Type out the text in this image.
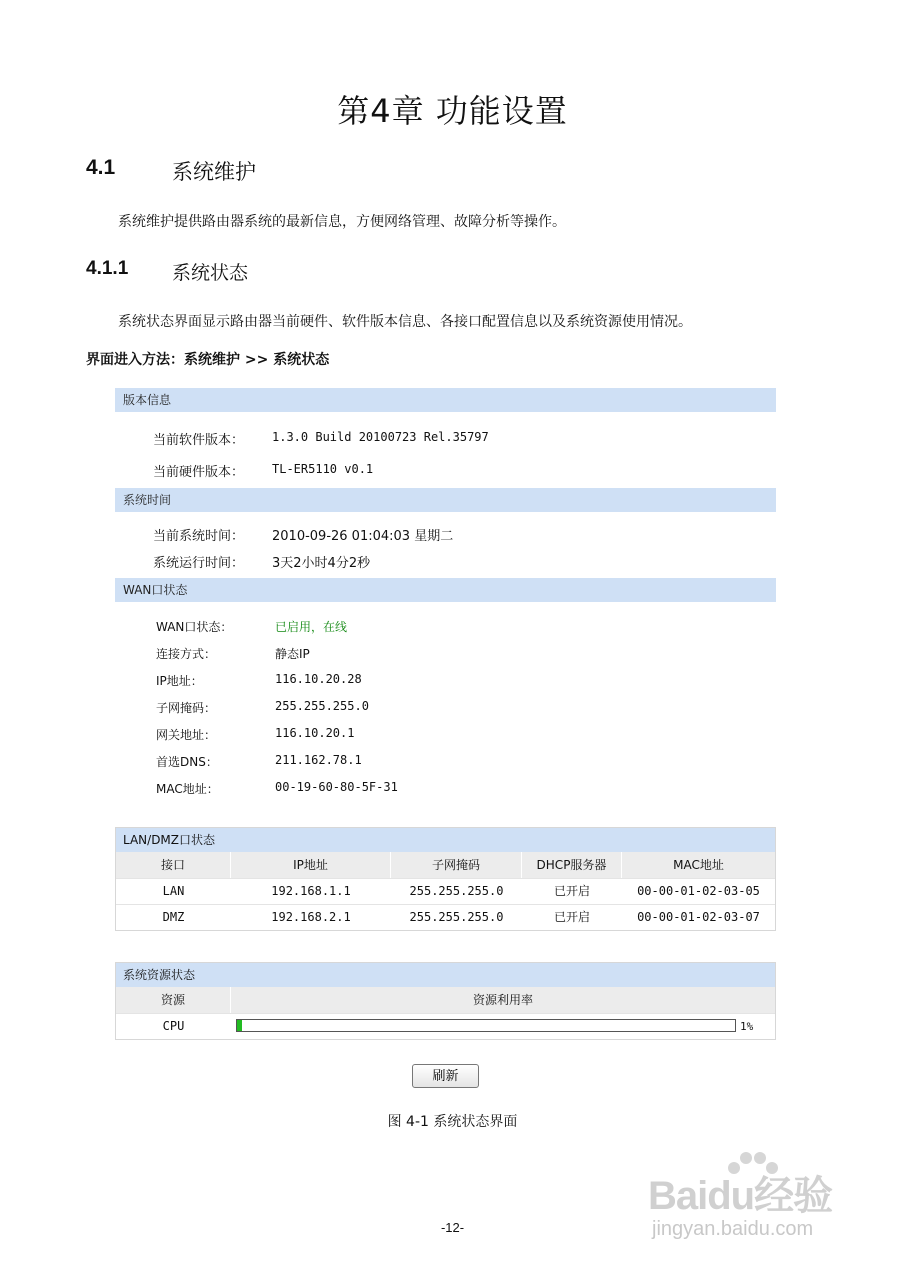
第4章 功能设置
4.1	系统维护
系统维护提供路由器系统的最新信息，方便网络管理、故障分析等操作。
4.1.1 系统状态
系统状态界面显示路由器当前硬件、软件版本信息、各接口配置信息以及系统资源使用情况。
界面进入方法：系统维护 >> 系统状态
版本信息
当前软件版本： 1.3.0 Build 20100723 Rel.35797
当前硬件版本： TL-ER5110 v0.1
系统时间
当前系统时间： 2010-09-26 01:04:03 星期二
系统运行时间： 3天2小时4分2秒
WAN口状态
WAN口状态：	已启用，在线
连接方式：	静态IP
IP地址：	116.10.20.28
子网掩码：	255.255.255.0
网关地址：	116.10.20.1
首选DNS：	211.162.78.1
MAC地址：	00-19-60-80-5F-31
LAN/DMZ口状态
接口	IP地址	子网掩码	DHCP服务器	MAC地址
LAN	192.168.1.1	255.255.255.0	已开启	00-00-01-02-03-05
DMZ	192.168.2.1	255.255.255.0	已开启	00-00-01-02-03-07
系统资源状态
资源	资源利用率
CPU	1%
刷新
图 4-1 系统状态界面
-12-
Baidu经验
jingyan.baidu.com
